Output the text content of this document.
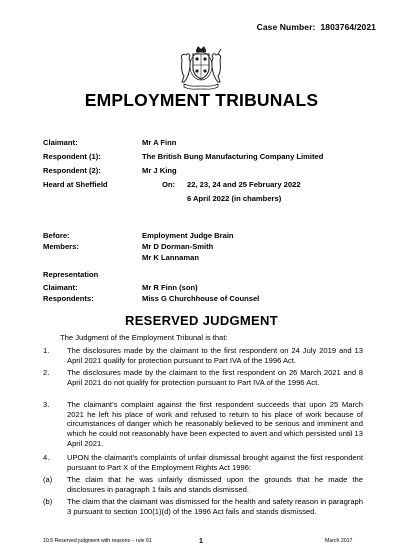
Case Number: 1803764/2021
EMPLOYMENT TRIBUNALS
Claimant:	Mr A Finn
Respondent (1):	The British Bung Manufacturing Company Limited
Respondent (2):	Mr J King
Heard at Sheffield	On: 22, 23, 24 and 25 February 2022
6 April 2022 (in chambers)
Before:	Employment Judge Brain
Members:	Mr D Dorman-Smith
Mr K Lannaman
Representation
Claimant:	Mr R Finn (son)
Respondents:	Miss G Churchhouse of Counsel
RESERVED JUDGMENT
The Judgment of the Employment Tribunal is that:
1. The disclosures made by the claimant to the first respondent on 24 July 2019 and 13 April 2021 qualify for protection pursuant to Part IVA of the 1996 Act.
2. The disclosures made by the claimant to the first respondent on 26 March 2021 and 8 April 2021 do not qualify for protection pursuant to Part IVA of the 1996 Act.
3. The claimant’s complaint against the first respondent succeeds that upon 25 March 2021 he left his place of work and refused to return to his place of work because of circumstances of danger which he reasonably believed to be serious and imminent and which he could not reasonably have been expected to avert and which persisted until 13 April 2021.
4. UPON the claimant’s complaints of unfair dismissal brought against the first respondent pursuant to Part X of the Employment Rights Act 1996:
(a) The claim that he was unfairly dismissed upon the grounds that he made the disclosures in paragraph 1 fails and stands dismissed.
(b) The claim that the claimant was dismissed for the health and safety reason in paragraph 3 pursuant to section 100(1)(d) of the 1996 Act fails and stands dismissed.
10.5 Reserved judgment with reasons – rule 61	1	March 2017
